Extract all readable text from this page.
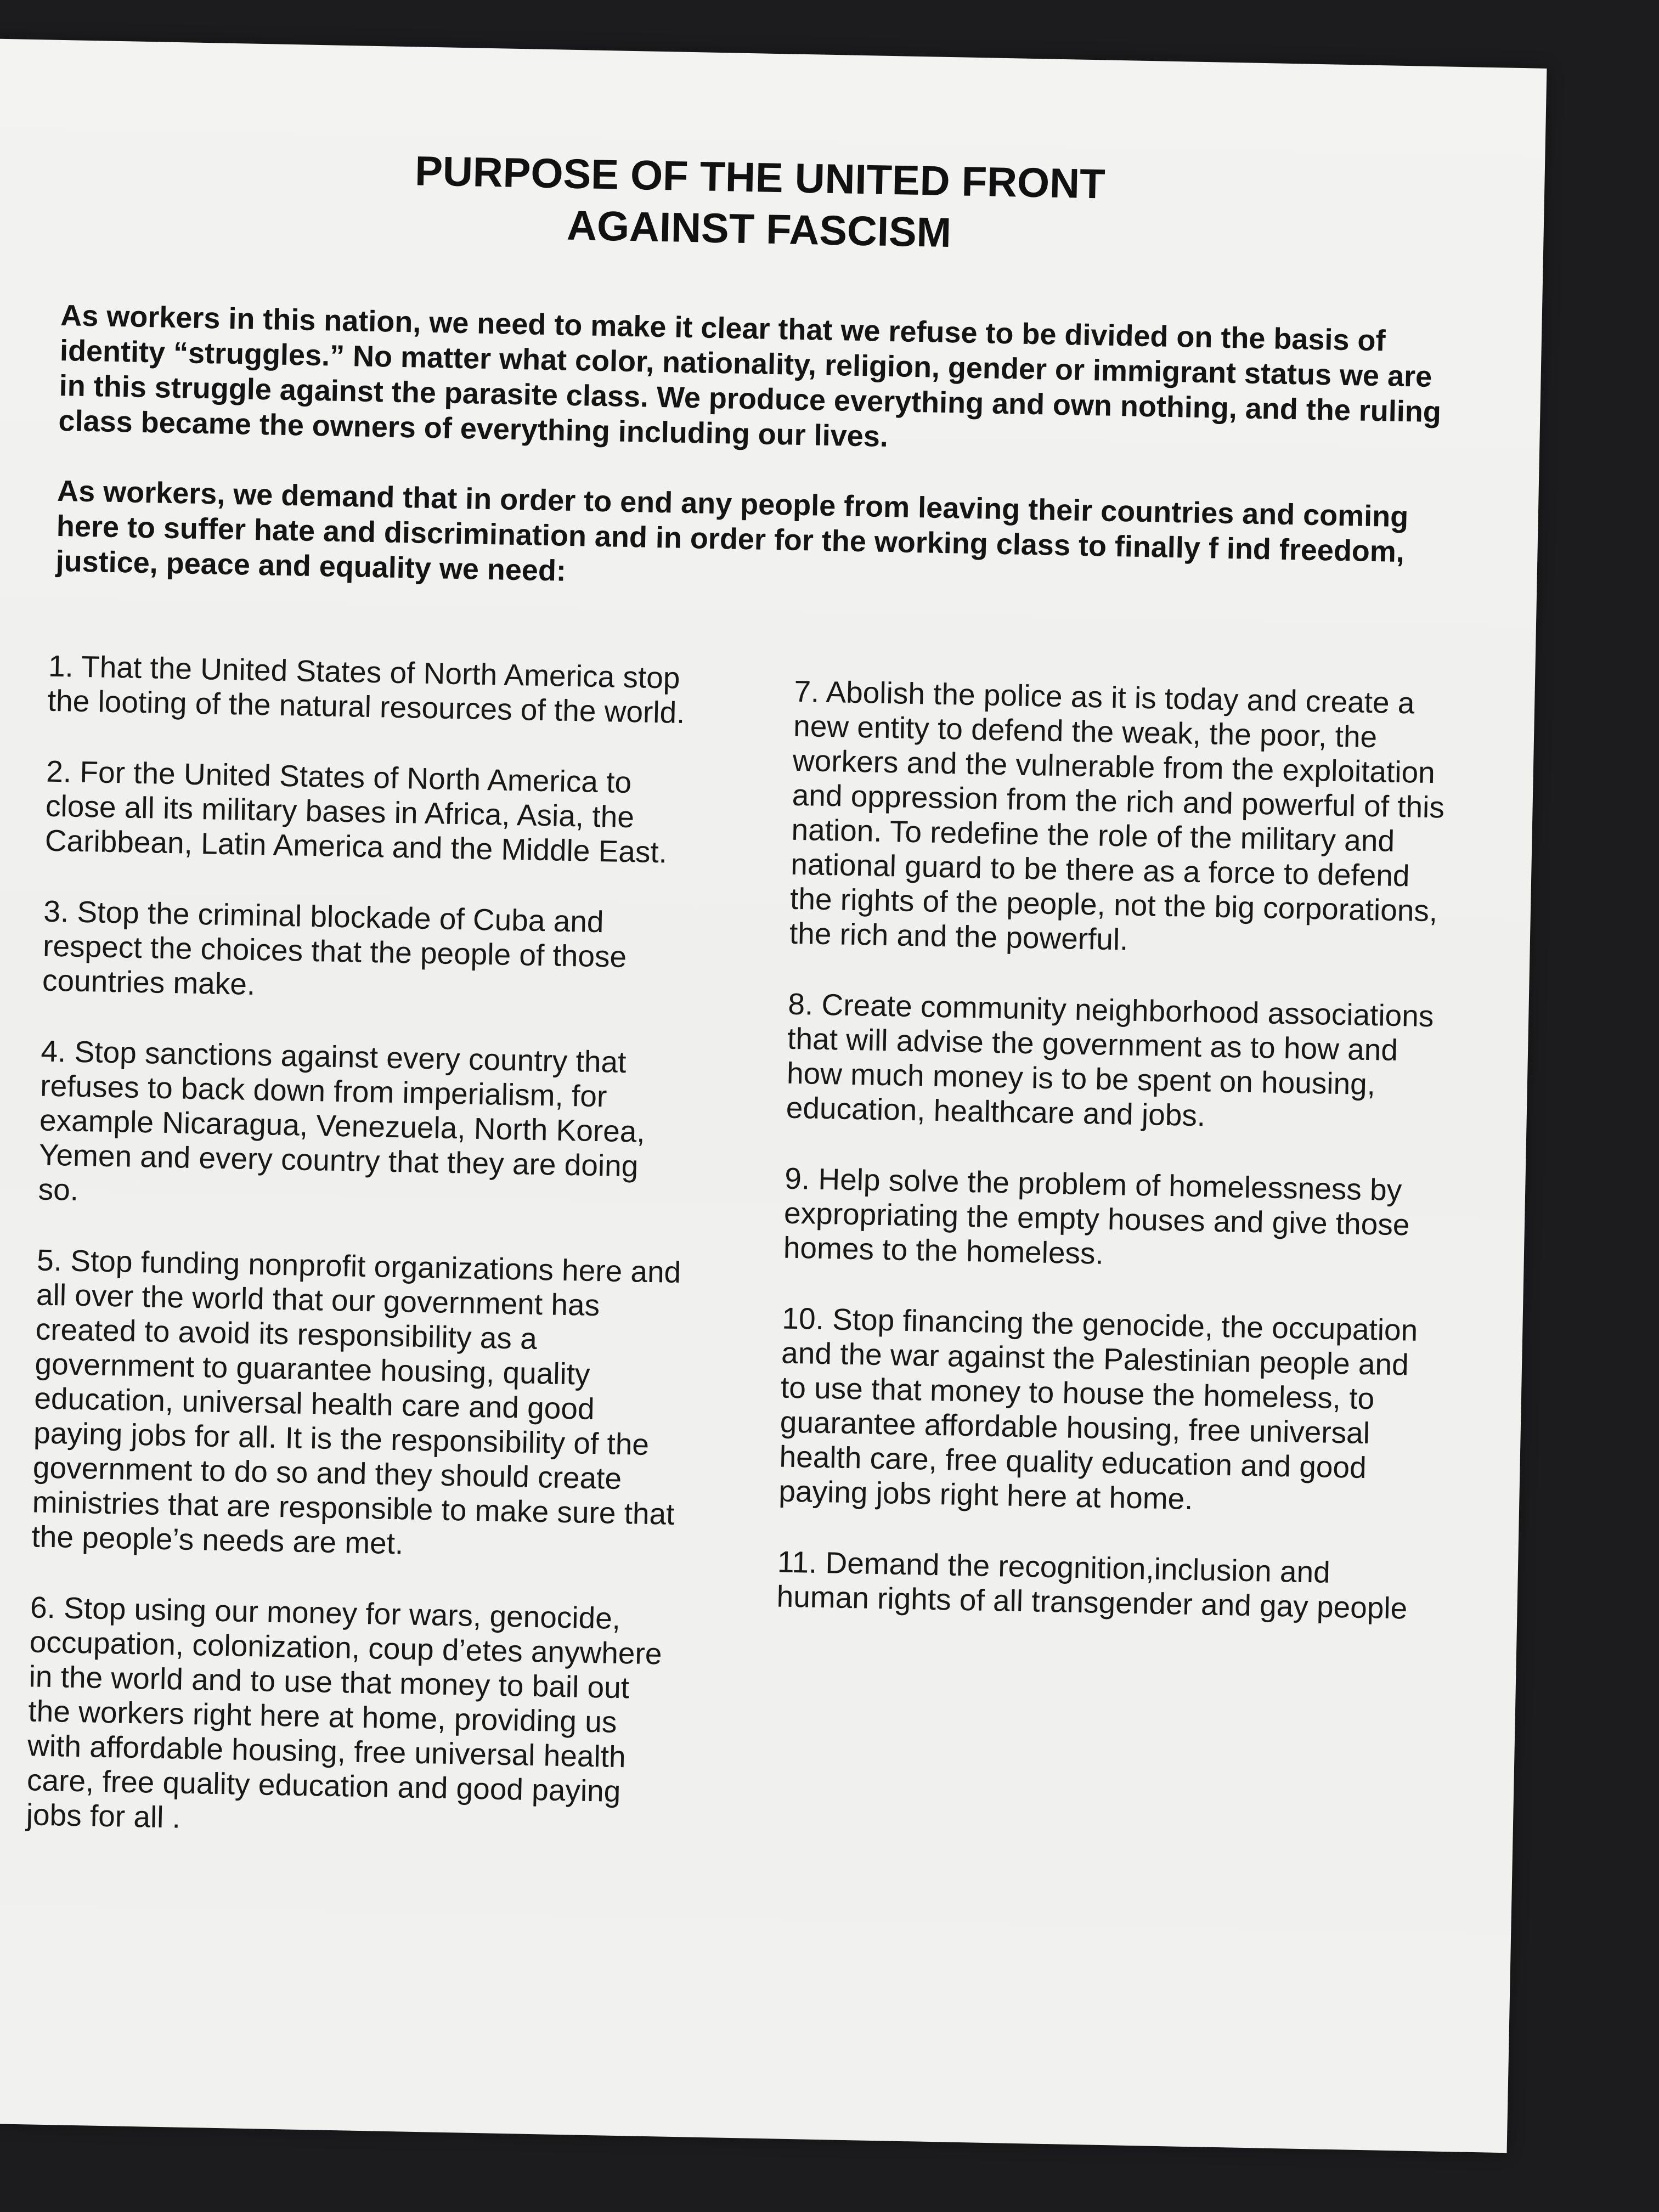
PURPOSE OF THE UNITED FRONT
AGAINST FASCISM
As workers in this nation, we need to make it clear that we refuse to be divided on the basis of identity “struggles.” No matter what color, nationality, religion, gender or immigrant status we are in this struggle against the parasite class. We produce everything and own nothing, and the ruling class became the owners of everything including our lives.
As workers, we demand that in order to end any people from leaving their countries and coming here to suffer hate and discrimination and in order for the working class to finally f ind freedom, justice, peace and equality we need:
1. That the United States of North America stop the looting of the natural resources of the world.
2. For the United States of North America to close all its military bases in Africa, Asia, the Caribbean, Latin America and the Middle East.
3. Stop the criminal blockade of Cuba and respect the choices that the people of those countries make.
4. Stop sanctions against every country that refuses to back down from imperialism, for example Nicaragua, Venezuela, North Korea, Yemen and every country that they are doing so.
5. Stop funding nonprofit organizations here and all over the world that our government has created to avoid its responsibility as a government to guarantee housing, quality education, universal health care and good paying jobs for all. It is the responsibility of the government to do so and they should create ministries that are responsible to make sure that the people’s needs are met.
6. Stop using our money for wars, genocide, occupation, colonization, coup d’etes anywhere in the world and to use that money to bail out the workers right here at home, providing us with affordable housing, free universal health care, free quality education and good paying jobs for all .
7. Abolish the police as it is today and create a new entity to defend the weak, the poor, the workers and the vulnerable from the exploitation and oppression from the rich and powerful of this nation. To redefine the role of the military and national guard to be there as a force to defend the rights of the people, not the big corporations, the rich and the powerful.
8. Create community neighborhood associations that will advise the government as to how and how much money is to be spent on housing, education, healthcare and jobs.
9. Help solve the problem of homelessness by expropriating the empty houses and give those homes to the homeless.
10. Stop financing the genocide, the occupation and the war against the Palestinian people and to use that money to house the homeless, to guarantee affordable housing, free universal health care, free quality education and good paying jobs right here at home.
11. Demand the recognition,inclusion and human rights of all transgender and gay people
